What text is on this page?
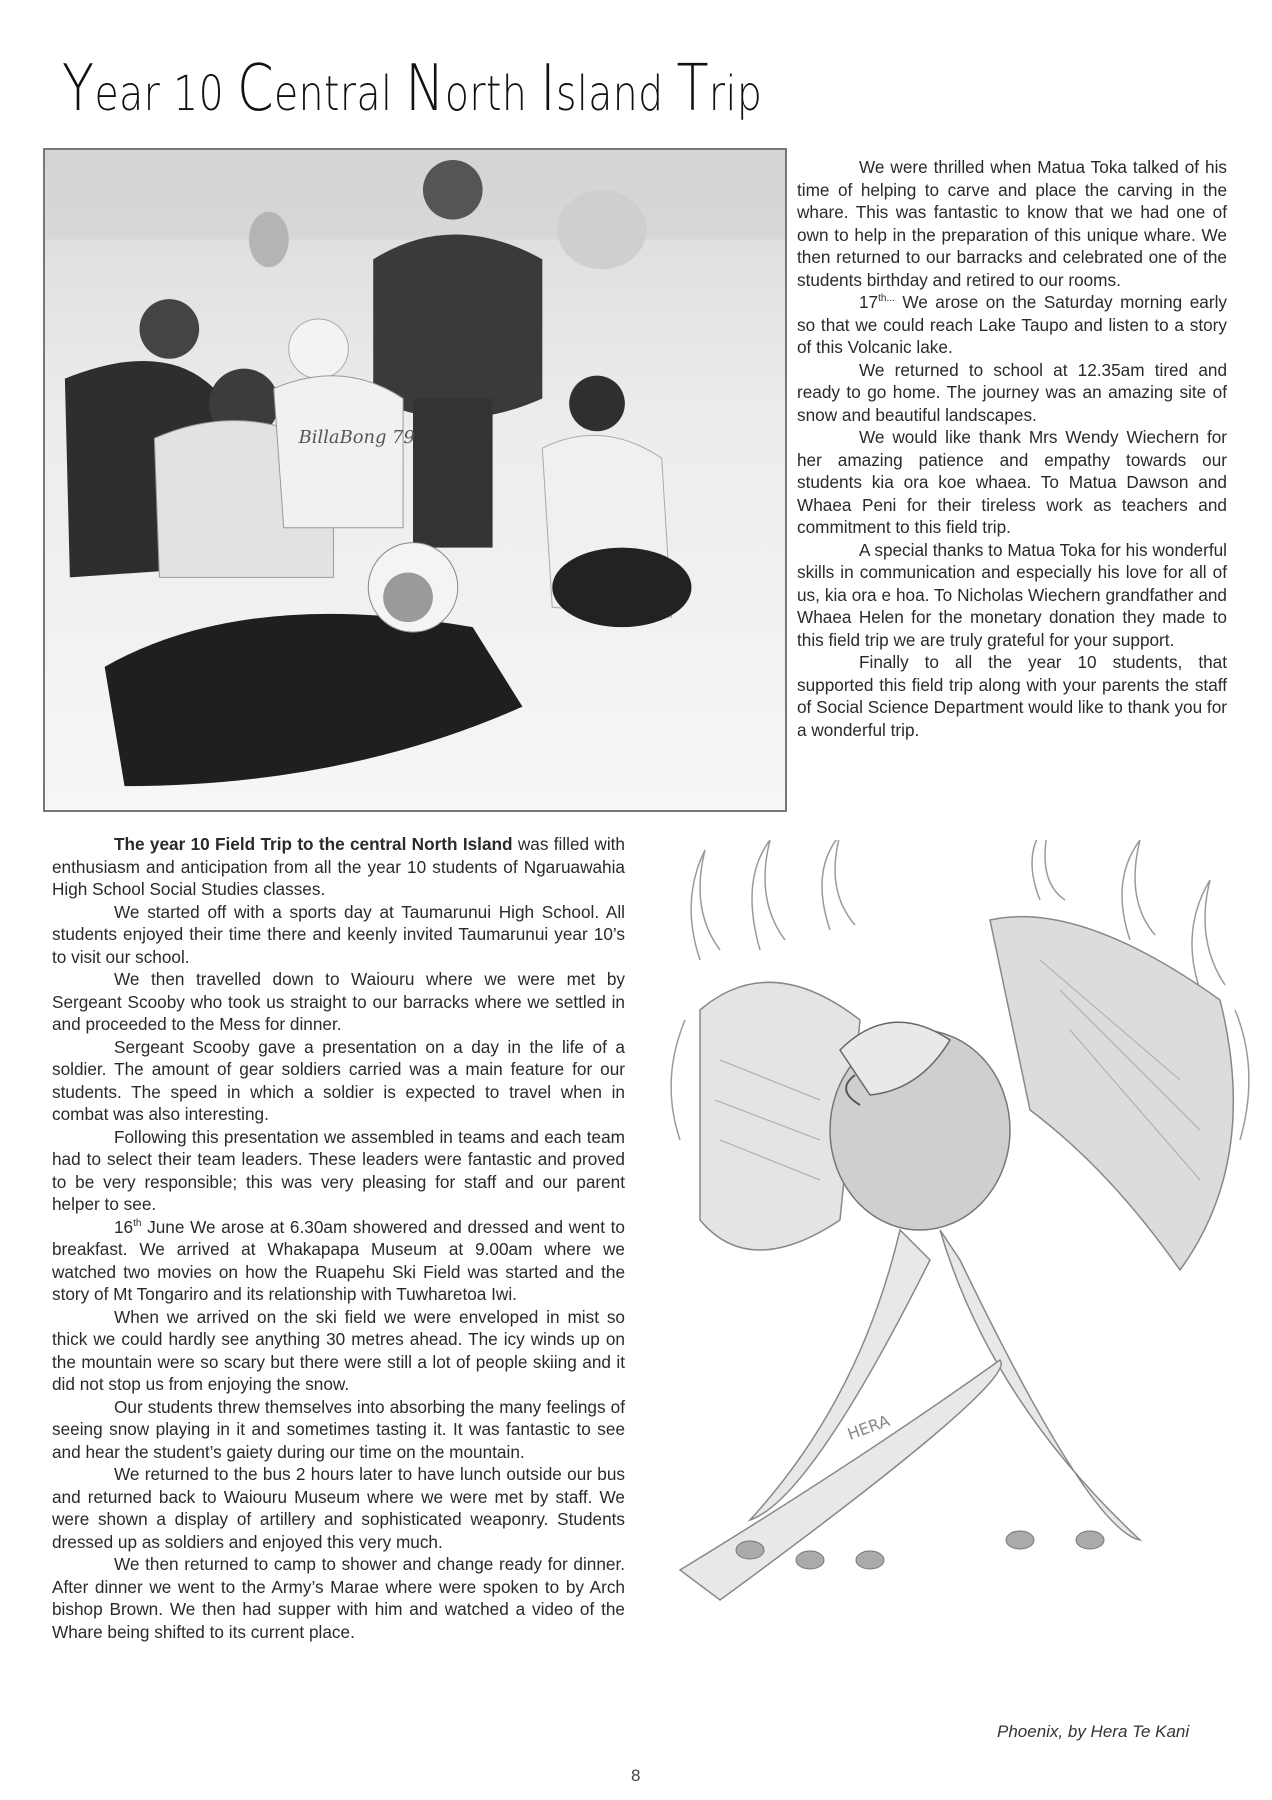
Year 10 Central North Island Trip
BillaBong 79

We were thrilled when Matua Toka talked of his time of helping to carve and place the carving in the whare. This was fantastic to know that we had one of own to help in the preparation of this unique whare. We then returned to our barracks and celebrated one of the students birthday and retired to our rooms.

$17^{th...}$ We arose on the Saturday morning early so that we could reach Lake Taupo and listen to a story of this Volcanic lake.

We returned to school at 12.35am tired and ready to go home. The journey was an amazing site of snow and beautiful landscapes.

We would like thank Mrs Wendy Wiechern for her amazing patience and empathy towards our students kia ora koe whaea. To Matua Dawson and Whaea Peni for their tireless work as teachers and commitment to this field trip.

A special thanks to Matua Toka for his wonderful skills in communication and especially his love for all of us, kia ora e hoa. To Nicholas Wiechern grandfather and Whaea Helen for the monetary donation they made to this field trip we are truly grateful for your support.

Finally to all the year 10 students, that supported this field trip along with your parents the staff of Social Science Department would like to thank you for a wonderful trip.

The year 10 Field Trip to the central North Island was filled with enthusiasm and anticipation from all the year 10 students of Ngaruawahia High School Social Studies classes.

We started off with a sports day at Taumarunui High School. All students enjoyed their time there and keenly invited Taumarunui year 10’s to visit our school.

We then travelled down to Waiouru where we were met by Sergeant Scooby who took us straight to our barracks where we settled in and proceeded to the Mess for dinner.

Sergeant Scooby gave a presentation on a day in the life of a soldier. The amount of gear soldiers carried was a main feature for our students. The speed in which a soldier is expected to travel when in combat was also interesting.

Following this presentation we assembled in teams and each team had to select their team leaders. These leaders were fantastic and proved to be very responsible; this was very pleasing for staff and our parent helper to see.

16th June We arose at 6.30am showered and dressed and went to breakfast. We arrived at Whakapapa Museum at 9.00am where we watched two movies on how the Ruapehu Ski Field was started and the story of Mt Tongariro and its relationship with Tuwharetoa Iwi.

When we arrived on the ski field we were enveloped in mist so thick we could hardly see anything 30 metres ahead. The icy winds up on the mountain were so scary but there were still a lot of people skiing and it did not stop us from enjoying the snow.

Our students threw themselves into absorbing the many feelings of seeing snow playing in it and sometimes tasting it. It was fantastic to see and hear the student’s gaiety during our time on the mountain.

We returned to the bus 2 hours later to have lunch outside our bus and returned back to Waiouru Museum where we were met by staff. We were shown a display of artillery and sophisticated weaponry. Students dressed up as soldiers and enjoyed this very much.

We then returned to camp to shower and change ready for dinner. After dinner we went to the Army’s Marae where were spoken to by Arch bishop Brown. We then had supper with him and watched a video of the Whare being shifted to its current place.

HERA
Phoenix, by Hera Te Kani
8
